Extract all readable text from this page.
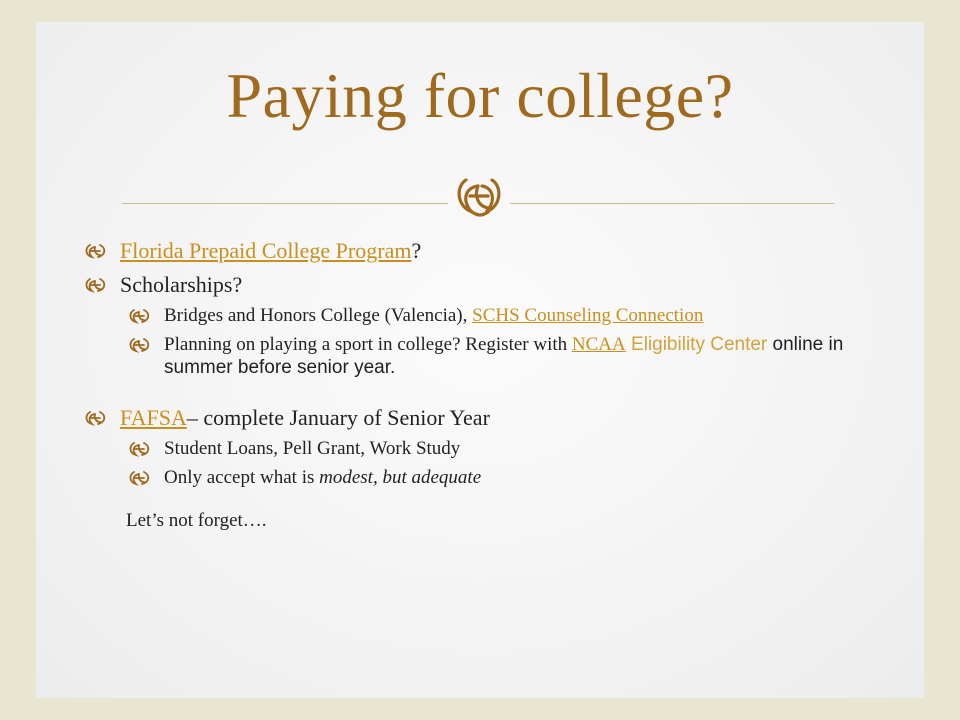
Paying for college?
Florida Prepaid College Program?
Scholarships?
Bridges and Honors College (Valencia), SCHS Counseling Connection
Planning on playing a sport in college? Register with NCAA Eligibility Center online in summer before senior year.
FAFSA– complete January of Senior Year
Student Loans, Pell Grant, Work Study
Only accept what is modest, but adequate
Let’s not forget….
